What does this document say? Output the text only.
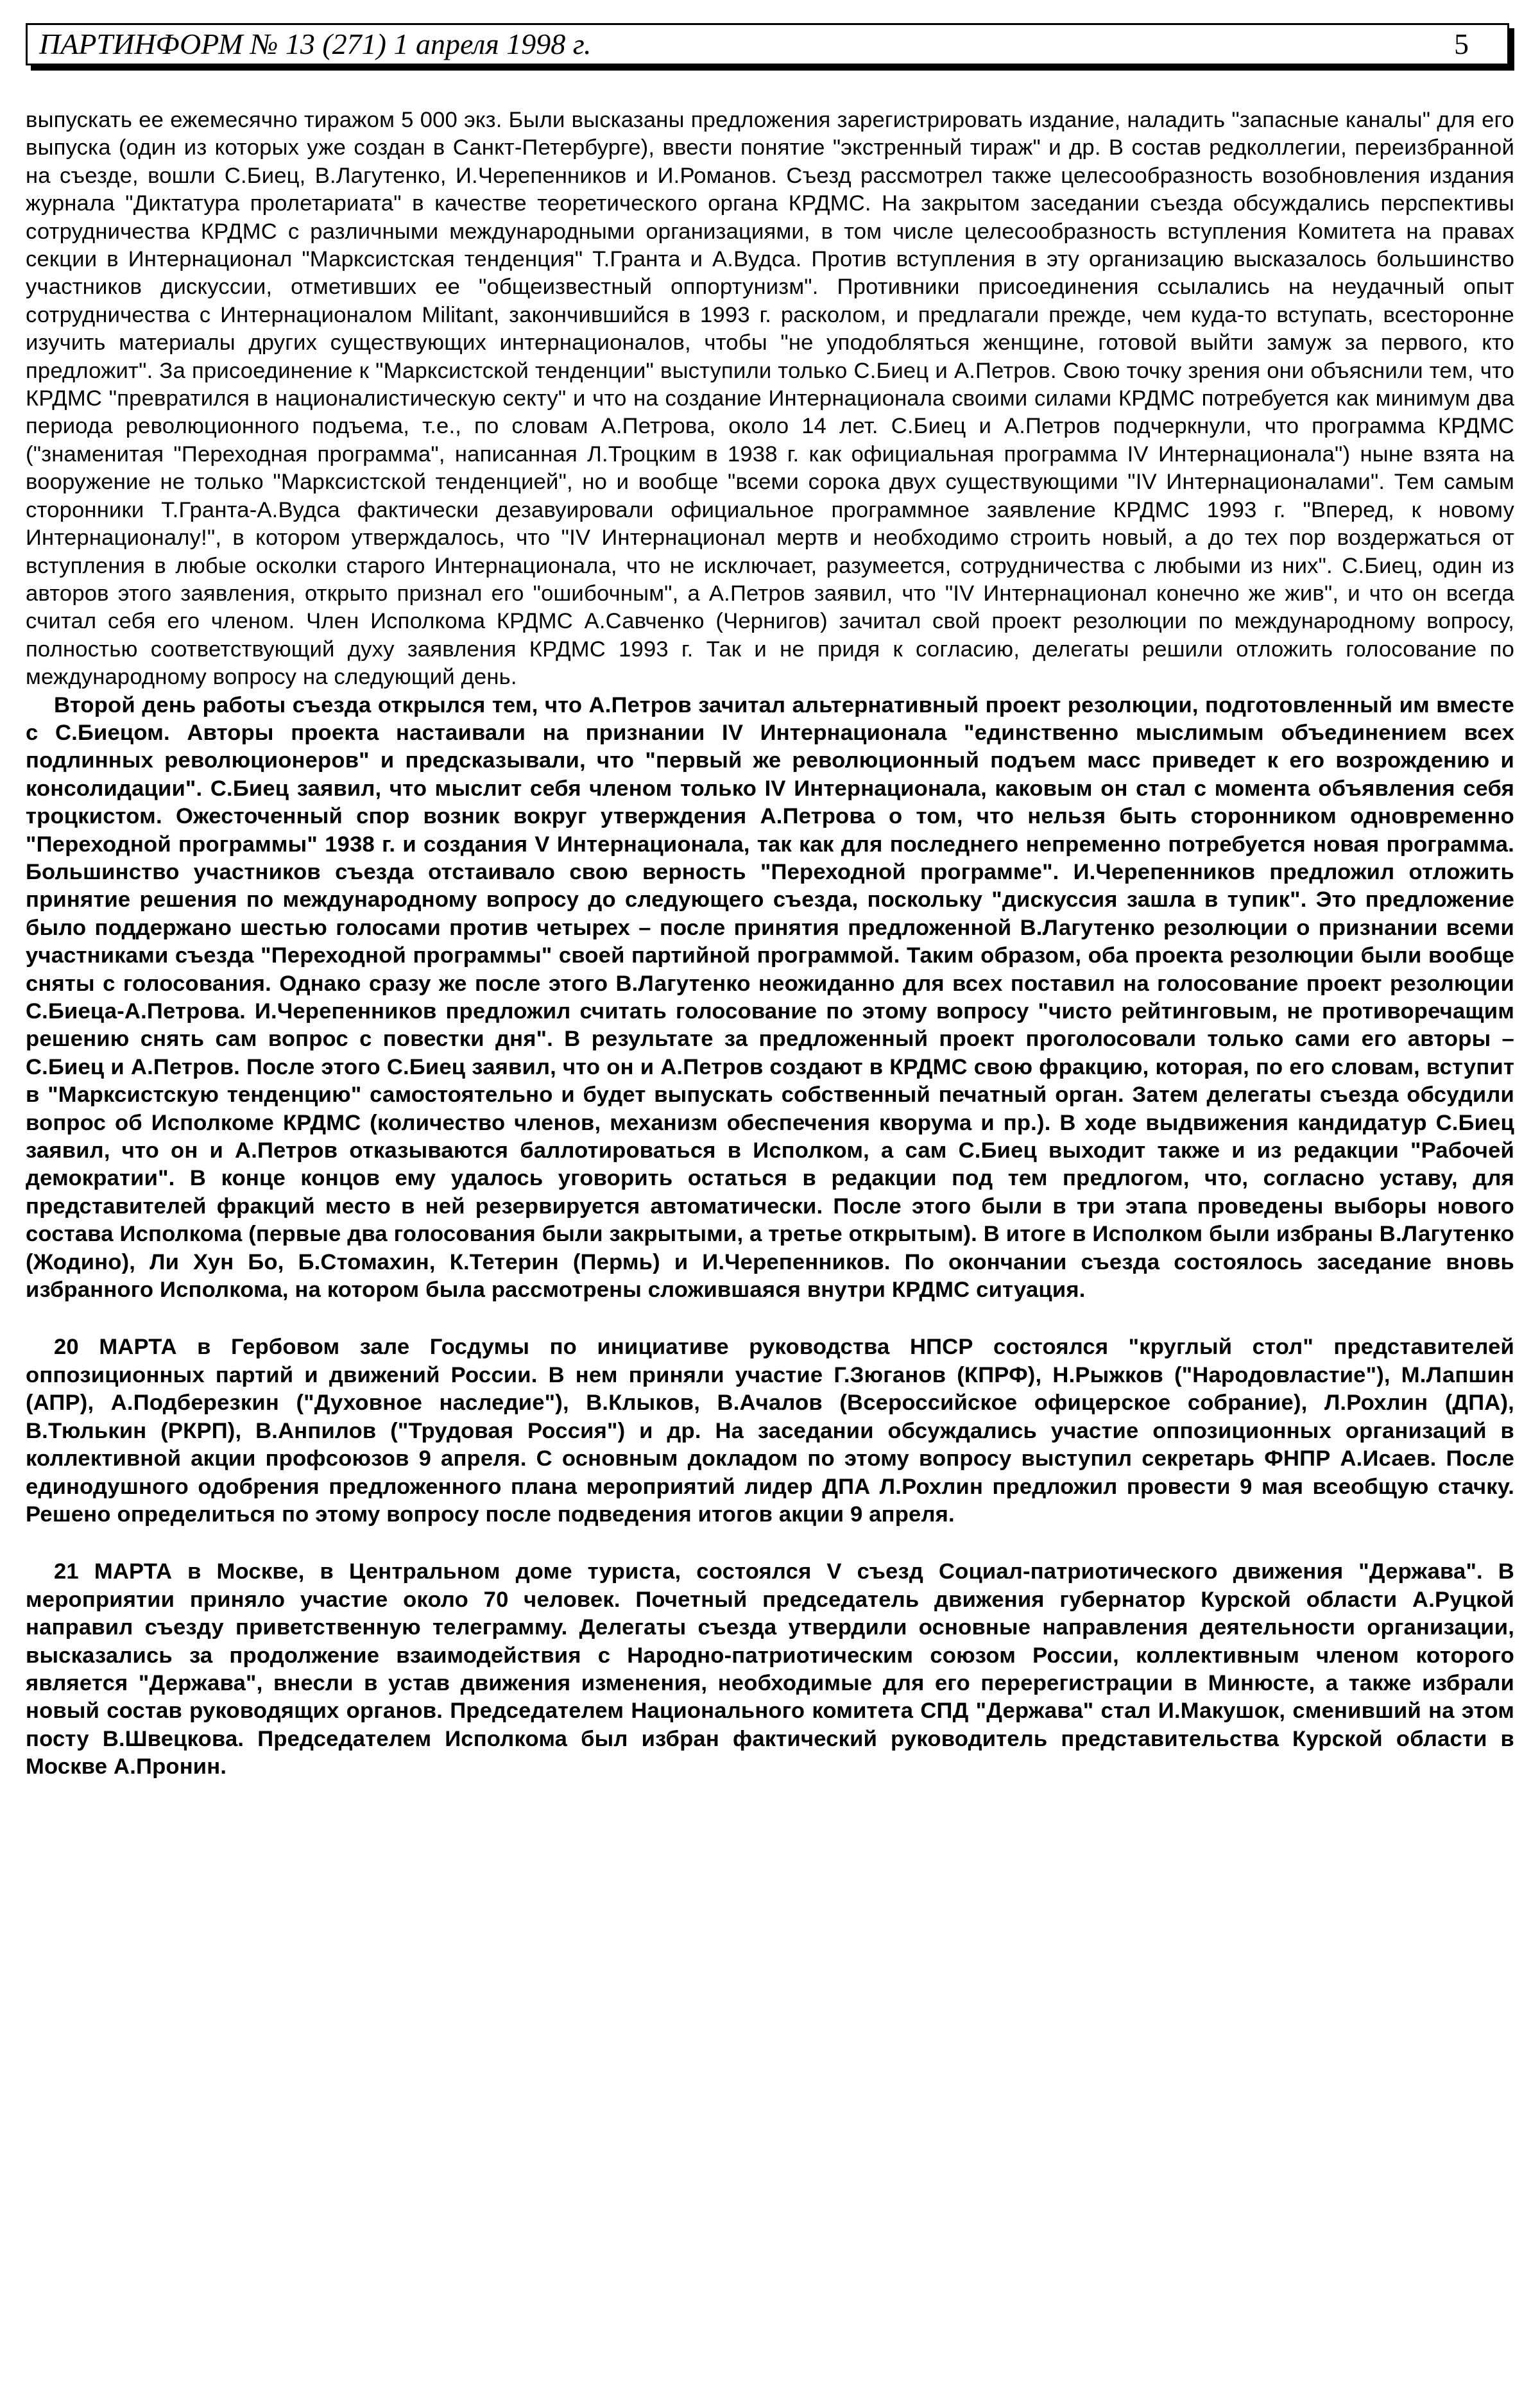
ПАРТИНФОРМ № 13 (271) 1 апреля 1998 г.	5

выпускать ее ежемесячно тиражом 5 000 экз. Были высказаны предложения зарегистрировать издание, наладить "запасные каналы" для его выпуска (один из которых уже создан в Санкт-Петербурге), ввести понятие "экстренный тираж" и др. В состав редколлегии, переизбранной на съезде, вошли С.Биец, В.Лагутенко, И.Черепенников и И.Романов. Съезд рассмотрел также целесообразность возобновления издания журнала "Диктатура пролетариата" в качестве теоретического органа КРДМС. На закрытом заседании съезда обсуждались перспективы сотрудничества КРДМС с различными международными организациями, в том числе целесообразность вступления Комитета на правах секции в Интернационал "Марксистская тенденция" Т.Гранта и А.Вудса. Против вступления в эту организацию высказалось большинство участников дискуссии, отметивших ее "общеизвестный оппортунизм". Противники присоединения ссылались на неудачный опыт сотрудничества с Интернационалом Militant, закончившийся в 1993 г. расколом, и предлагали прежде, чем куда-то вступать, всесторонне изучить материалы других существующих интернационалов, чтобы "не уподобляться женщине, готовой выйти замуж за первого, кто предложит". За присоединение к "Марксистской тенденции" выступили только С.Биец и А.Петров. Свою точку зрения они объяснили тем, что КРДМС "превратился в националистическую секту" и что на создание Интернационала своими силами КРДМС потребуется как минимум два периода революционного подъема, т.е., по словам А.Петрова, около 14 лет. С.Биец и А.Петров подчеркнули, что программа КРДМС ("знаменитая "Переходная программа", написанная Л.Троцким в 1938 г. как официальная программа IV Интернационала") ныне взята на вооружение не только "Марксистской тенденцией", но и вообще "всеми сорока двух существующими "IV Интернационалами". Тем самым сторонники Т.Гранта-А.Вудса фактически дезавуировали официальное программное заявление КРДМС 1993 г. "Вперед, к новому Интернационалу!", в котором утверждалось, что "IV Интернационал мертв и необходимо строить новый, а до тех пор воздержаться от вступления в любые осколки старого Интернационала, что не исключает, разумеется, сотрудничества с любыми из них". С.Биец, один из авторов этого заявления, открыто признал его "ошибочным", а А.Петров заявил, что "IV Интернационал конечно же жив", и что он всегда считал себя его членом. Член Исполкома КРДМС А.Савченко (Чернигов) зачитал свой проект резолюции по международному вопросу, полностью соответствующий духу заявления КРДМС 1993 г. Так и не придя к согласию, делегаты решили отложить голосование по международному вопросу на следующий день.

Второй день работы съезда открылся тем, что А.Петров зачитал альтернативный проект резолюции, подготовленный им вместе с С.Биецом. Авторы проекта настаивали на признании IV Интернационала "единственно мыслимым объединением всех подлинных революционеров" и предсказывали, что "первый же революционный подъем масс приведет к его возрождению и консолидации". С.Биец заявил, что мыслит себя членом только IV Интернационала, каковым он стал с момента объявления себя троцкистом. Ожесточенный спор возник вокруг утверждения А.Петрова о том, что нельзя быть сторонником одновременно "Переходной программы" 1938 г. и создания V Интернационала, так как для последнего непременно потребуется новая программа. Большинство участников съезда отстаивало свою верность "Переходной программе". И.Черепенников предложил отложить принятие решения по международному вопросу до следующего съезда, поскольку "дискуссия зашла в тупик". Это предложение было поддержано шестью голосами против четырех – после принятия предложенной В.Лагутенко резолюции о признании всеми участниками съезда "Переходной программы" своей партийной программой. Таким образом, оба проекта резолюции были вообще сняты с голосования. Однако сразу же после этого В.Лагутенко неожиданно для всех поставил на голосование проект резолюции С.Биеца-А.Петрова. И.Черепенников предложил считать голосование по этому вопросу "чисто рейтинговым, не противоречащим решению снять сам вопрос с повестки дня". В результате за предложенный проект проголосовали только сами его авторы – С.Биец и А.Петров. После этого С.Биец заявил, что он и А.Петров создают в КРДМС свою фракцию, которая, по его словам, вступит в "Марксистскую тенденцию" самостоятельно и будет выпускать собственный печатный орган. Затем делегаты съезда обсудили вопрос об Исполкоме КРДМС (количество членов, механизм обеспечения кворума и пр.). В ходе выдвижения кандидатур С.Биец заявил, что он и А.Петров отказываются баллотироваться в Исполком, а сам С.Биец выходит также и из редакции "Рабочей демократии". В конце концов ему удалось уговорить остаться в редакции под тем предлогом, что, согласно уставу, для представителей фракций место в ней резервируется автоматически. После этого были в три этапа проведены выборы нового состава Исполкома (первые два голосования были закрытыми, а третье открытым). В итоге в Исполком были избраны В.Лагутенко (Жодино), Ли Хун Бо, Б.Стомахин, К.Тетерин (Пермь) и И.Черепенников. По окончании съезда состоялось заседание вновь избранного Исполкома, на котором была рассмотрены сложившаяся внутри КРДМС ситуация.

20 МАРТА в Гербовом зале Госдумы по инициативе руководства НПСР состоялся "круглый стол" представителей оппозиционных партий и движений России. В нем приняли участие Г.Зюганов (КПРФ), Н.Рыжков ("Народовластие"), М.Лапшин (АПР), А.Подберезкин ("Духовное наследие"), В.Клыков, В.Ачалов (Всероссийское офицерское собрание), Л.Рохлин (ДПА), В.Тюлькин (РКРП), В.Анпилов ("Трудовая Россия") и др. На заседании обсуждались участие оппозиционных организаций в коллективной акции профсоюзов 9 апреля. С основным докладом по этому вопросу выступил секретарь ФНПР А.Исаев. После единодушного одобрения предложенного плана мероприятий лидер ДПА Л.Рохлин предложил провести 9 мая всеобщую стачку. Решено определиться по этому вопросу после подведения итогов акции 9 апреля.

21 МАРТА в Москве, в Центральном доме туриста, состоялся V съезд Социал-патриотического движения "Держава". В мероприятии приняло участие около 70 человек. Почетный председатель движения губернатор Курской области А.Руцкой направил съезду приветственную телеграмму. Делегаты съезда утвердили основные направления деятельности организации, высказались за продолжение взаимодействия с Народно-патриотическим союзом России, коллективным членом которого является "Держава", внесли в устав движения изменения, необходимые для его перерегистрации в Минюсте, а также избрали новый состав руководящих органов. Председателем Национального комитета СПД "Держава" стал И.Макушок, сменивший на этом посту В.Швецкова. Председателем Исполкома был избран фактический руководитель представительства Курской области в Москве А.Пронин.
